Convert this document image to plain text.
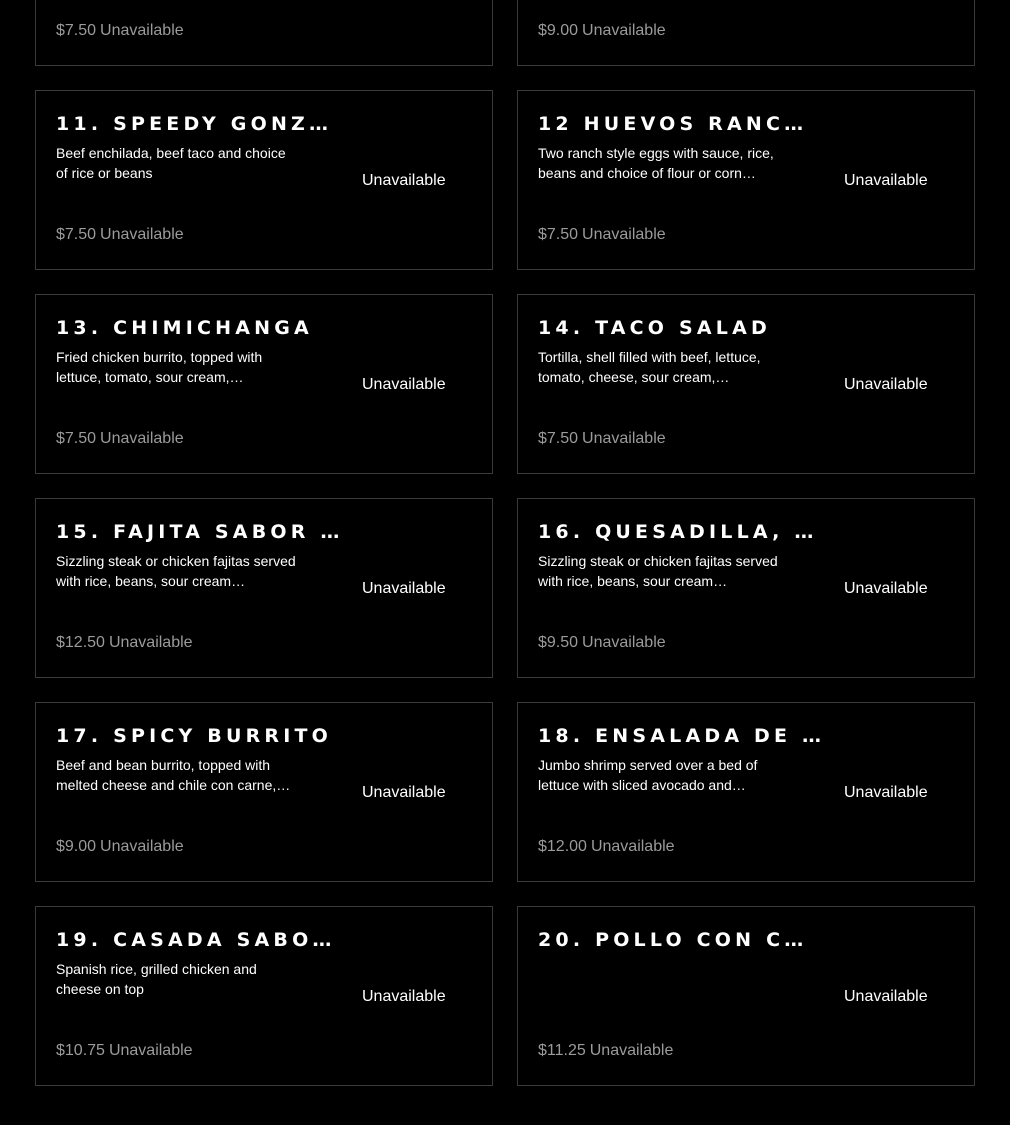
$7.50 Unavailable	$9.00 Unavailable
11. SPEEDY GONZ…
Beef enchilada, beef taco and choice of rice or beans	Unavailable
$7.50 Unavailable
12 HUEVOS RANC…
Two ranch style eggs with sauce, rice, beans and choice of flour or corn…	Unavailable
$7.50 Unavailable
13. CHIMICHANGA
Fried chicken burrito, topped with lettuce, tomato, sour cream,…	Unavailable
$7.50 Unavailable
14. TACO SALAD
Tortilla, shell filled with beef, lettuce, tomato, cheese, sour cream,…	Unavailable
$7.50 Unavailable
15. FAJITA SABOR …
Sizzling steak or chicken fajitas served with rice, beans, sour cream…	Unavailable
$12.50 Unavailable
16. QUESADILLA, …
Sizzling steak or chicken fajitas served with rice, beans, sour cream…	Unavailable
$9.50 Unavailable
17. SPICY BURRITO
Beef and bean burrito, topped with melted cheese and chile con carne,…	Unavailable
$9.00 Unavailable
18. ENSALADA DE …
Jumbo shrimp served over a bed of lettuce with sliced avocado and…	Unavailable
$12.00 Unavailable
19. CASADA SABO…
Spanish rice, grilled chicken and cheese on top	Unavailable
$10.75 Unavailable
20. POLLO CON C…
Unavailable
$11.25 Unavailable
